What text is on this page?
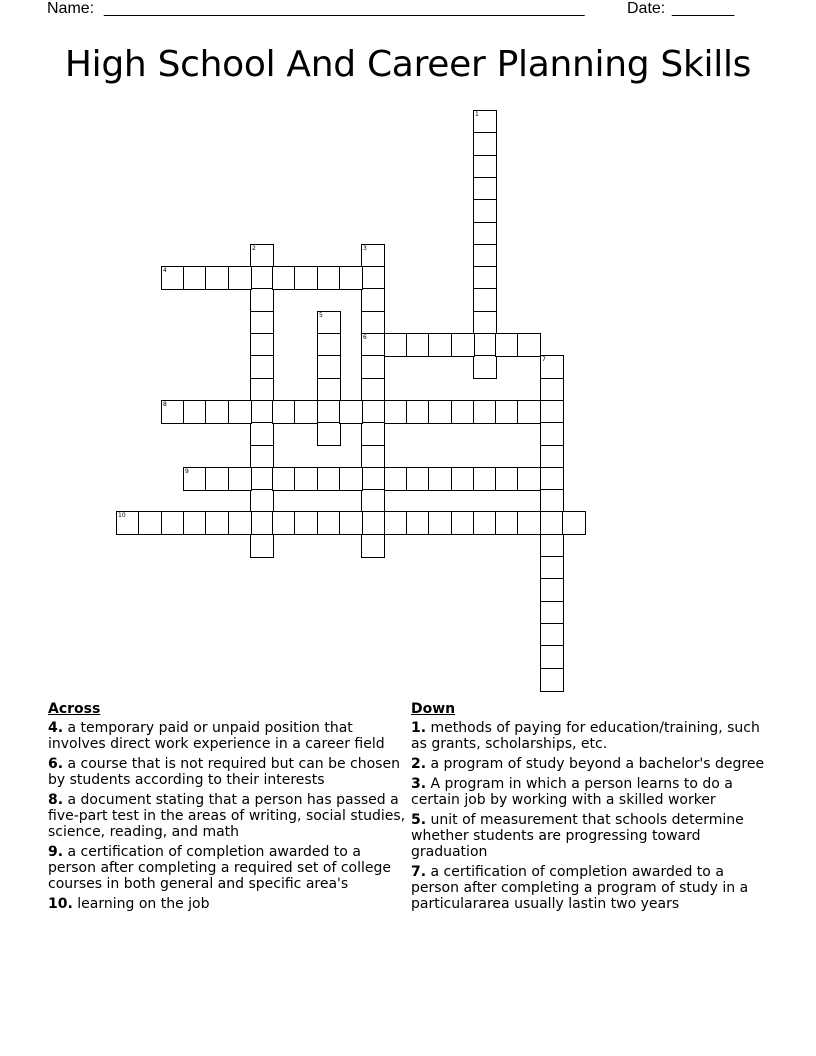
Name: ______________________________________________________	Date: _______
High School And Career Planning Skills
1
2	3
6
4
5
7
8
9
10
Across
4. a temporary paid or unpaid position that involves direct work experience in a career field
6. a course that is not required but can be chosen by students according to their interests
8. a document stating that a person has passed a five-part test in the areas of writing, social studies, science, reading, and math
9. a certification of completion awarded to a person after completing a required set of college courses in both general and specific area's
10. learning on the job
Down
1. methods of paying for education/training, such as grants, scholarships, etc.
2. a program of study beyond a bachelor's degree
3. A program in which a person learns to do a certain job by working with a skilled worker
5. unit of measurement that schools determine whether students are progressing toward graduation
7. a certification of completion awarded to a person after completing a program of study in a particulararea usually lastin two years
